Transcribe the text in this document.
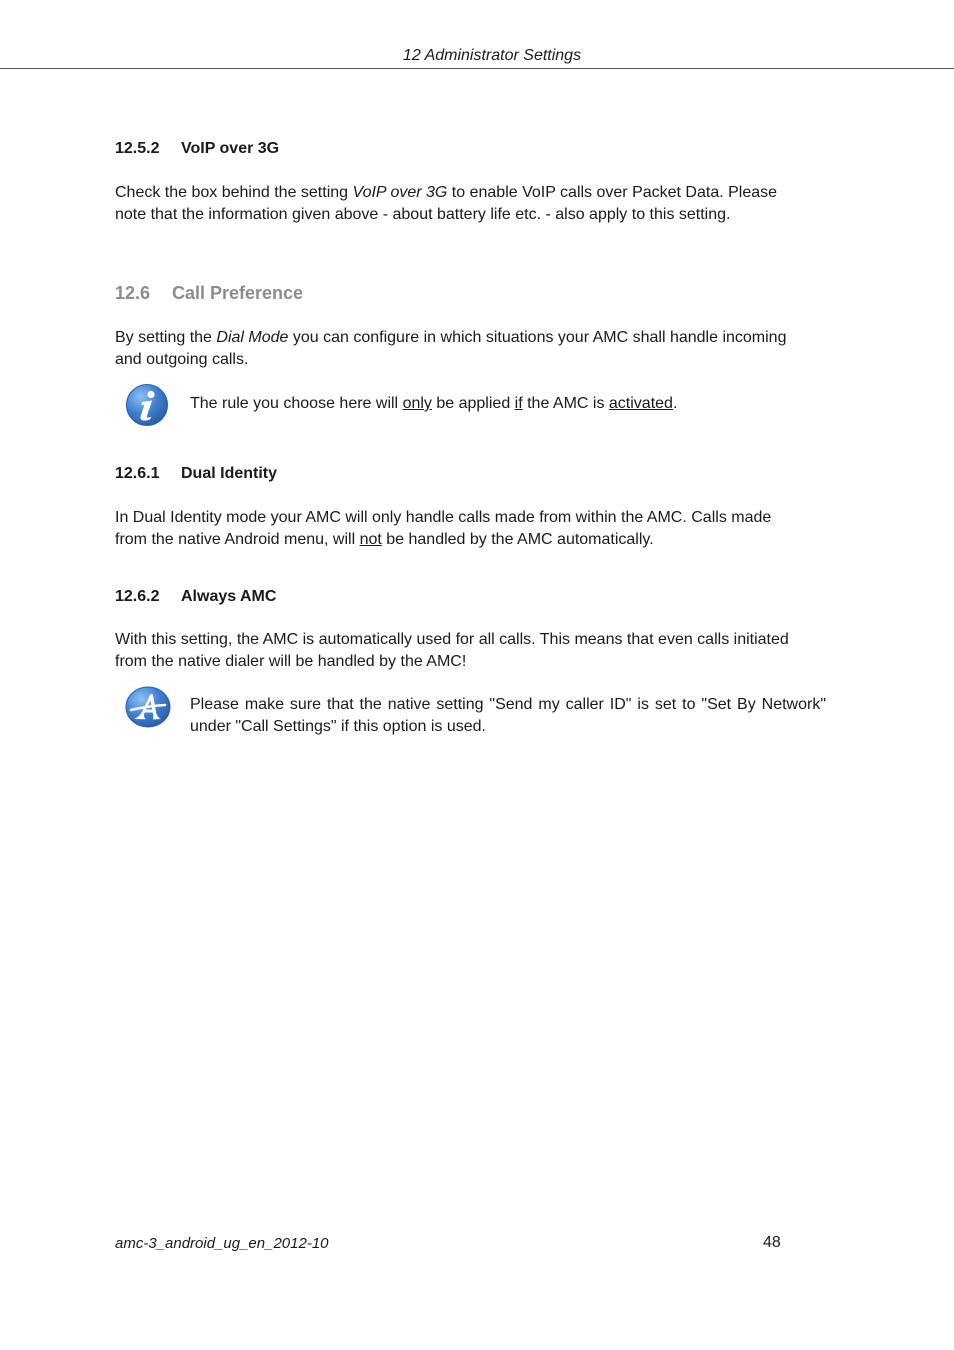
12 Administrator Settings
12.5.2 VoIP over 3G

Check the box behind the setting VoIP over 3G to enable VoIP calls over Packet Data. Please note that the information given above - about battery life etc. - also apply to this setting.

12.6 Call Preference

By setting the Dial Mode you can configure in which situations your AMC shall handle incoming and outgoing calls.

The rule you choose here will only be applied if the AMC is activated.

12.6.1 Dual Identity

In Dual Identity mode your AMC will only handle calls made from within the AMC. Calls made from the native Android menu, will not be handled by the AMC automatically.

12.6.2 Always AMC

With this setting, the AMC is automatically used for all calls. This means that even calls initiated from the native dialer will be handled by the AMC!

Please make sure that the native setting "Send my caller ID" is set to "Set By Network" under "Call Settings" if this option is used.

amc-3_android_ug_en_2012-10	48
